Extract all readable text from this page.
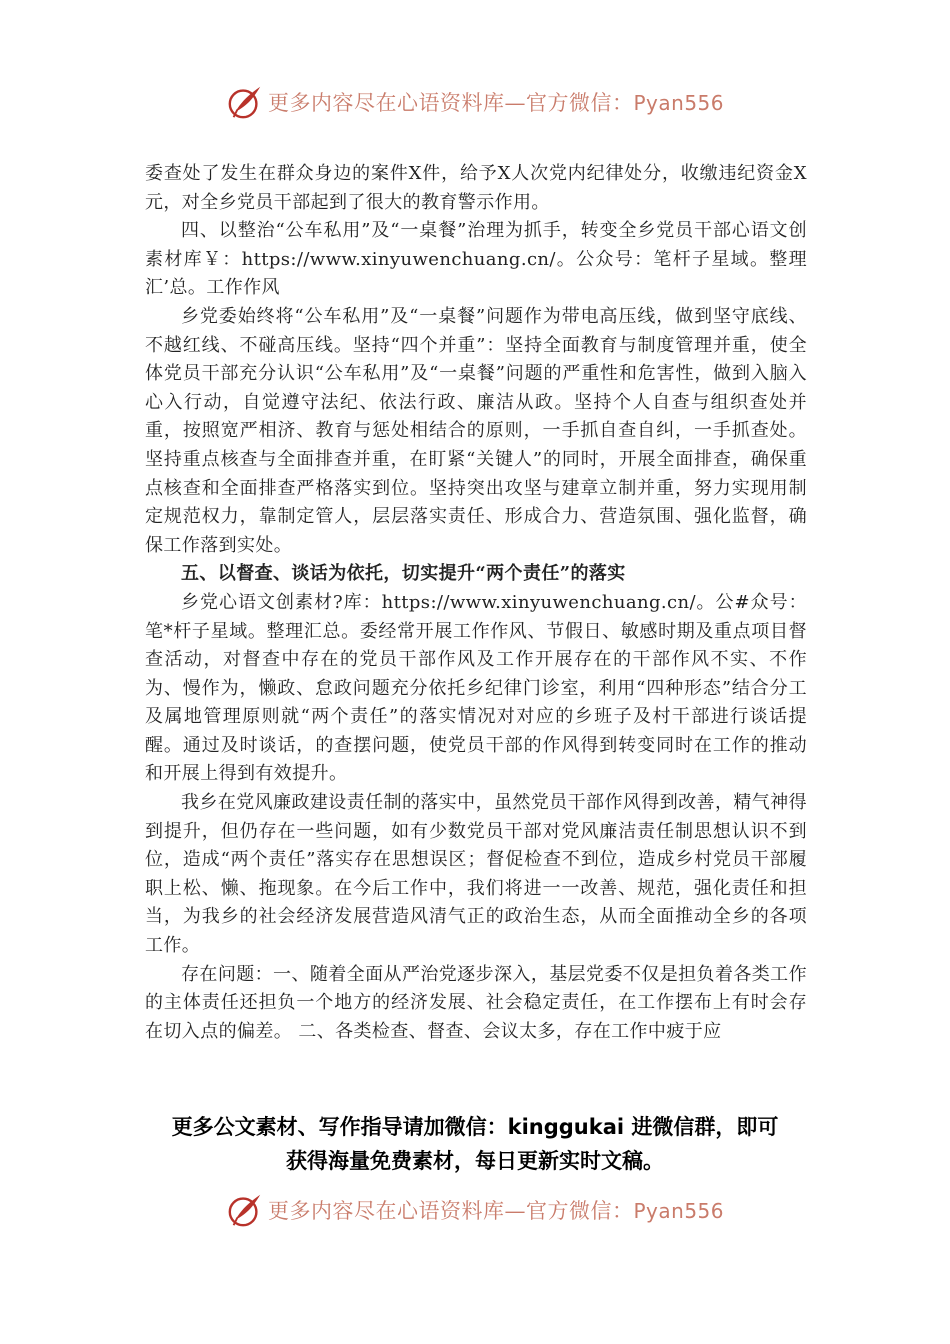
更多内容尽在心语资料库—官方微信：Pyan556

委查处了发生在群众身边的案件X件，给予X人次党内纪律处分，收缴违纪资金X元，对全乡党员干部起到了很大的教育警示作用。

四、以整治“公车私用”及“一桌餐”治理为抓手，转变全乡党员干部心语文创素材库￥：https://www.xinyuwenchuang.cn/。公众号：笔杆子星域。整理汇’总。工作作风

乡党委始终将“公车私用”及“一桌餐”问题作为带电高压线，做到坚守底线、不越红线、不碰高压线。坚持“四个并重”：坚持全面教育与制度管理并重，使全体党员干部充分认识“公车私用”及“一桌餐”问题的严重性和危害性，做到入脑入心入行动，自觉遵守法纪、依法行政、廉洁从政。坚持个人自查与组织查处并重，按照宽严相济、教育与惩处相结合的原则，一手抓自查自纠，一手抓查处。坚持重点核查与全面排查并重，在盯紧“关键人”的同时，开展全面排查，确保重点核查和全面排查严格落实到位。坚持突出攻坚与建章立制并重，努力实现用制定规范权力，靠制定管人，层层落实责任、形成合力、营造氛围、强化监督，确保工作落到实处。

五、以督查、谈话为依托，切实提升“两个责任”的落实

乡党心语文创素材?库：https://www.xinyuwenchuang.cn/。公#众号：笔*杆子星域。整理汇总。委经常开展工作作风、节假日、敏感时期及重点项目督查活动，对督查中存在的党员干部作风及工作开展存在的干部作风不实、不作为、慢作为，懒政、怠政问题充分依托乡纪律门诊室，利用“四种形态”结合分工及属地管理原则就“两个责任”的落实情况对对应的乡班子及村干部进行谈话提醒。通过及时谈话，的查摆问题，使党员干部的作风得到转变同时在工作的推动和开展上得到有效提升。

我乡在党风廉政建设责任制的落实中，虽然党员干部作风得到改善，精气神得到提升，但仍存在一些问题，如有少数党员干部对党风廉洁责任制思想认识不到位，造成“两个责任”落实存在思想误区；督促检查不到位，造成乡村党员干部履职上松、懒、拖现象。在今后工作中，我们将进一一改善、规范，强化责任和担当，为我乡的社会经济发展营造风清气正的政治生态，从而全面推动全乡的各项工作。

存在问题：一、随着全面从严治党逐步深入，基层党委不仅是担负着各类工作的主体责任还担负一个地方的经济发展、社会稳定责任，在工作摆布上有时会存在切入点的偏差。 二、各类检查、督查、会议太多，存在工作中疲于应

更多公文素材、写作指导请加微信：kinggukai 进微信群，即可
获得海量免费素材，每日更新实时文稿。
更多内容尽在心语资料库—官方微信：Pyan556
